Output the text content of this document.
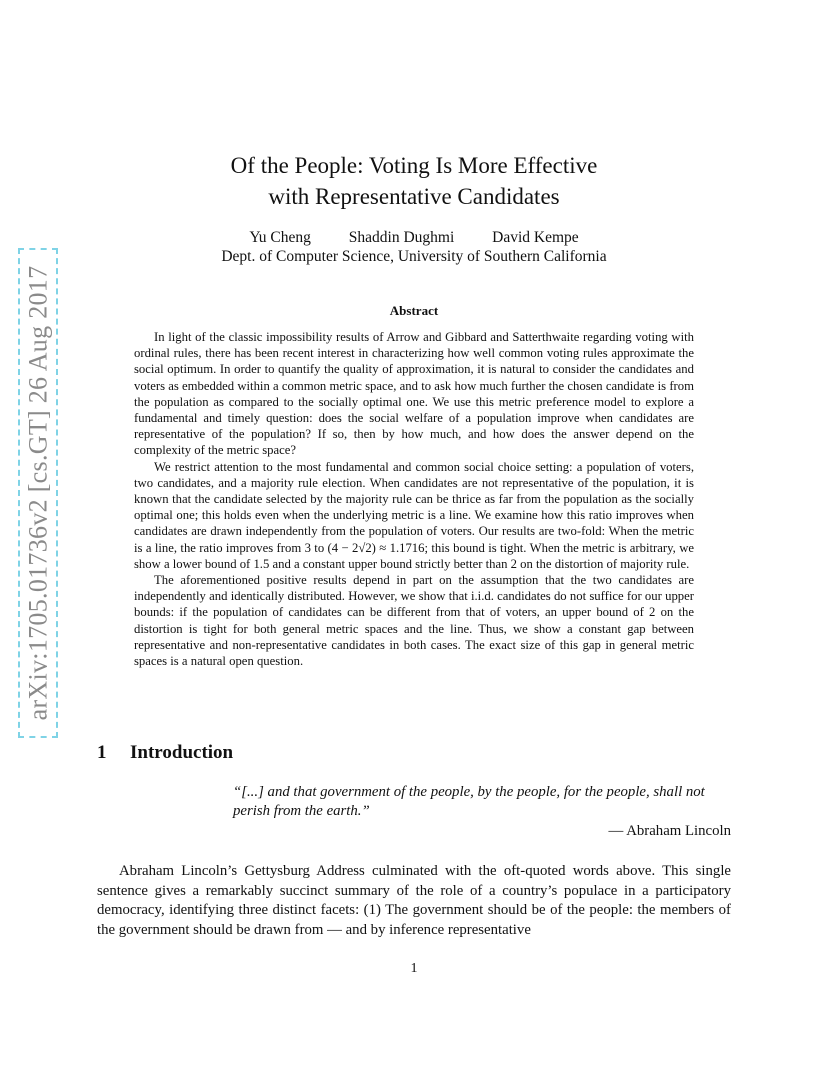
arXiv:1705.01736v2 [cs.GT] 26 Aug 2017
Of the People: Voting Is More Effective
with Representative Candidates
Yu Cheng Shaddin Dughmi David Kempe
Dept. of Computer Science, University of Southern California
Abstract

In light of the classic impossibility results of Arrow and Gibbard and Satterthwaite regarding voting with ordinal rules, there has been recent interest in characterizing how well common voting rules approximate the social optimum. In order to quantify the quality of approximation, it is natural to consider the candidates and voters as embedded within a common metric space, and to ask how much further the chosen candidate is from the population as compared to the socially optimal one. We use this metric preference model to explore a fundamental and timely question: does the social welfare of a population improve when candidates are representative of the population? If so, then by how much, and how does the answer depend on the complexity of the metric space?

We restrict attention to the most fundamental and common social choice setting: a population of voters, two candidates, and a majority rule election. When candidates are not representative of the population, it is known that the candidate selected by the majority rule can be thrice as far from the population as the socially optimal one; this holds even when the underlying metric is a line. We examine how this ratio improves when candidates are drawn independently from the population of voters. Our results are two-fold: When the metric is a line, the ratio improves from 3 to (4 − 2√2) ≈ 1.1716; this bound is tight. When the metric is arbitrary, we show a lower bound of 1.5 and a constant upper bound strictly better than 2 on the distortion of majority rule.

The aforementioned positive results depend in part on the assumption that the two candidates are independently and identically distributed. However, we show that i.i.d. candidates do not suffice for our upper bounds: if the population of candidates can be different from that of voters, an upper bound of 2 on the distortion is tight for both general metric spaces and the line. Thus, we show a constant gap between representative and non-representative candidates in both cases. The exact size of this gap in general metric spaces is a natural open question.

1 Introduction
“[...] and that government of the people, by the people, for the people, shall not perish from the earth.”
— Abraham Lincoln

Abraham Lincoln’s Gettysburg Address culminated with the oft-quoted words above. This single sentence gives a remarkably succinct summary of the role of a country’s populace in a participatory democracy, identifying three distinct facets: (1) The government should be of the people: the members of the government should be drawn from — and by inference representative

1
